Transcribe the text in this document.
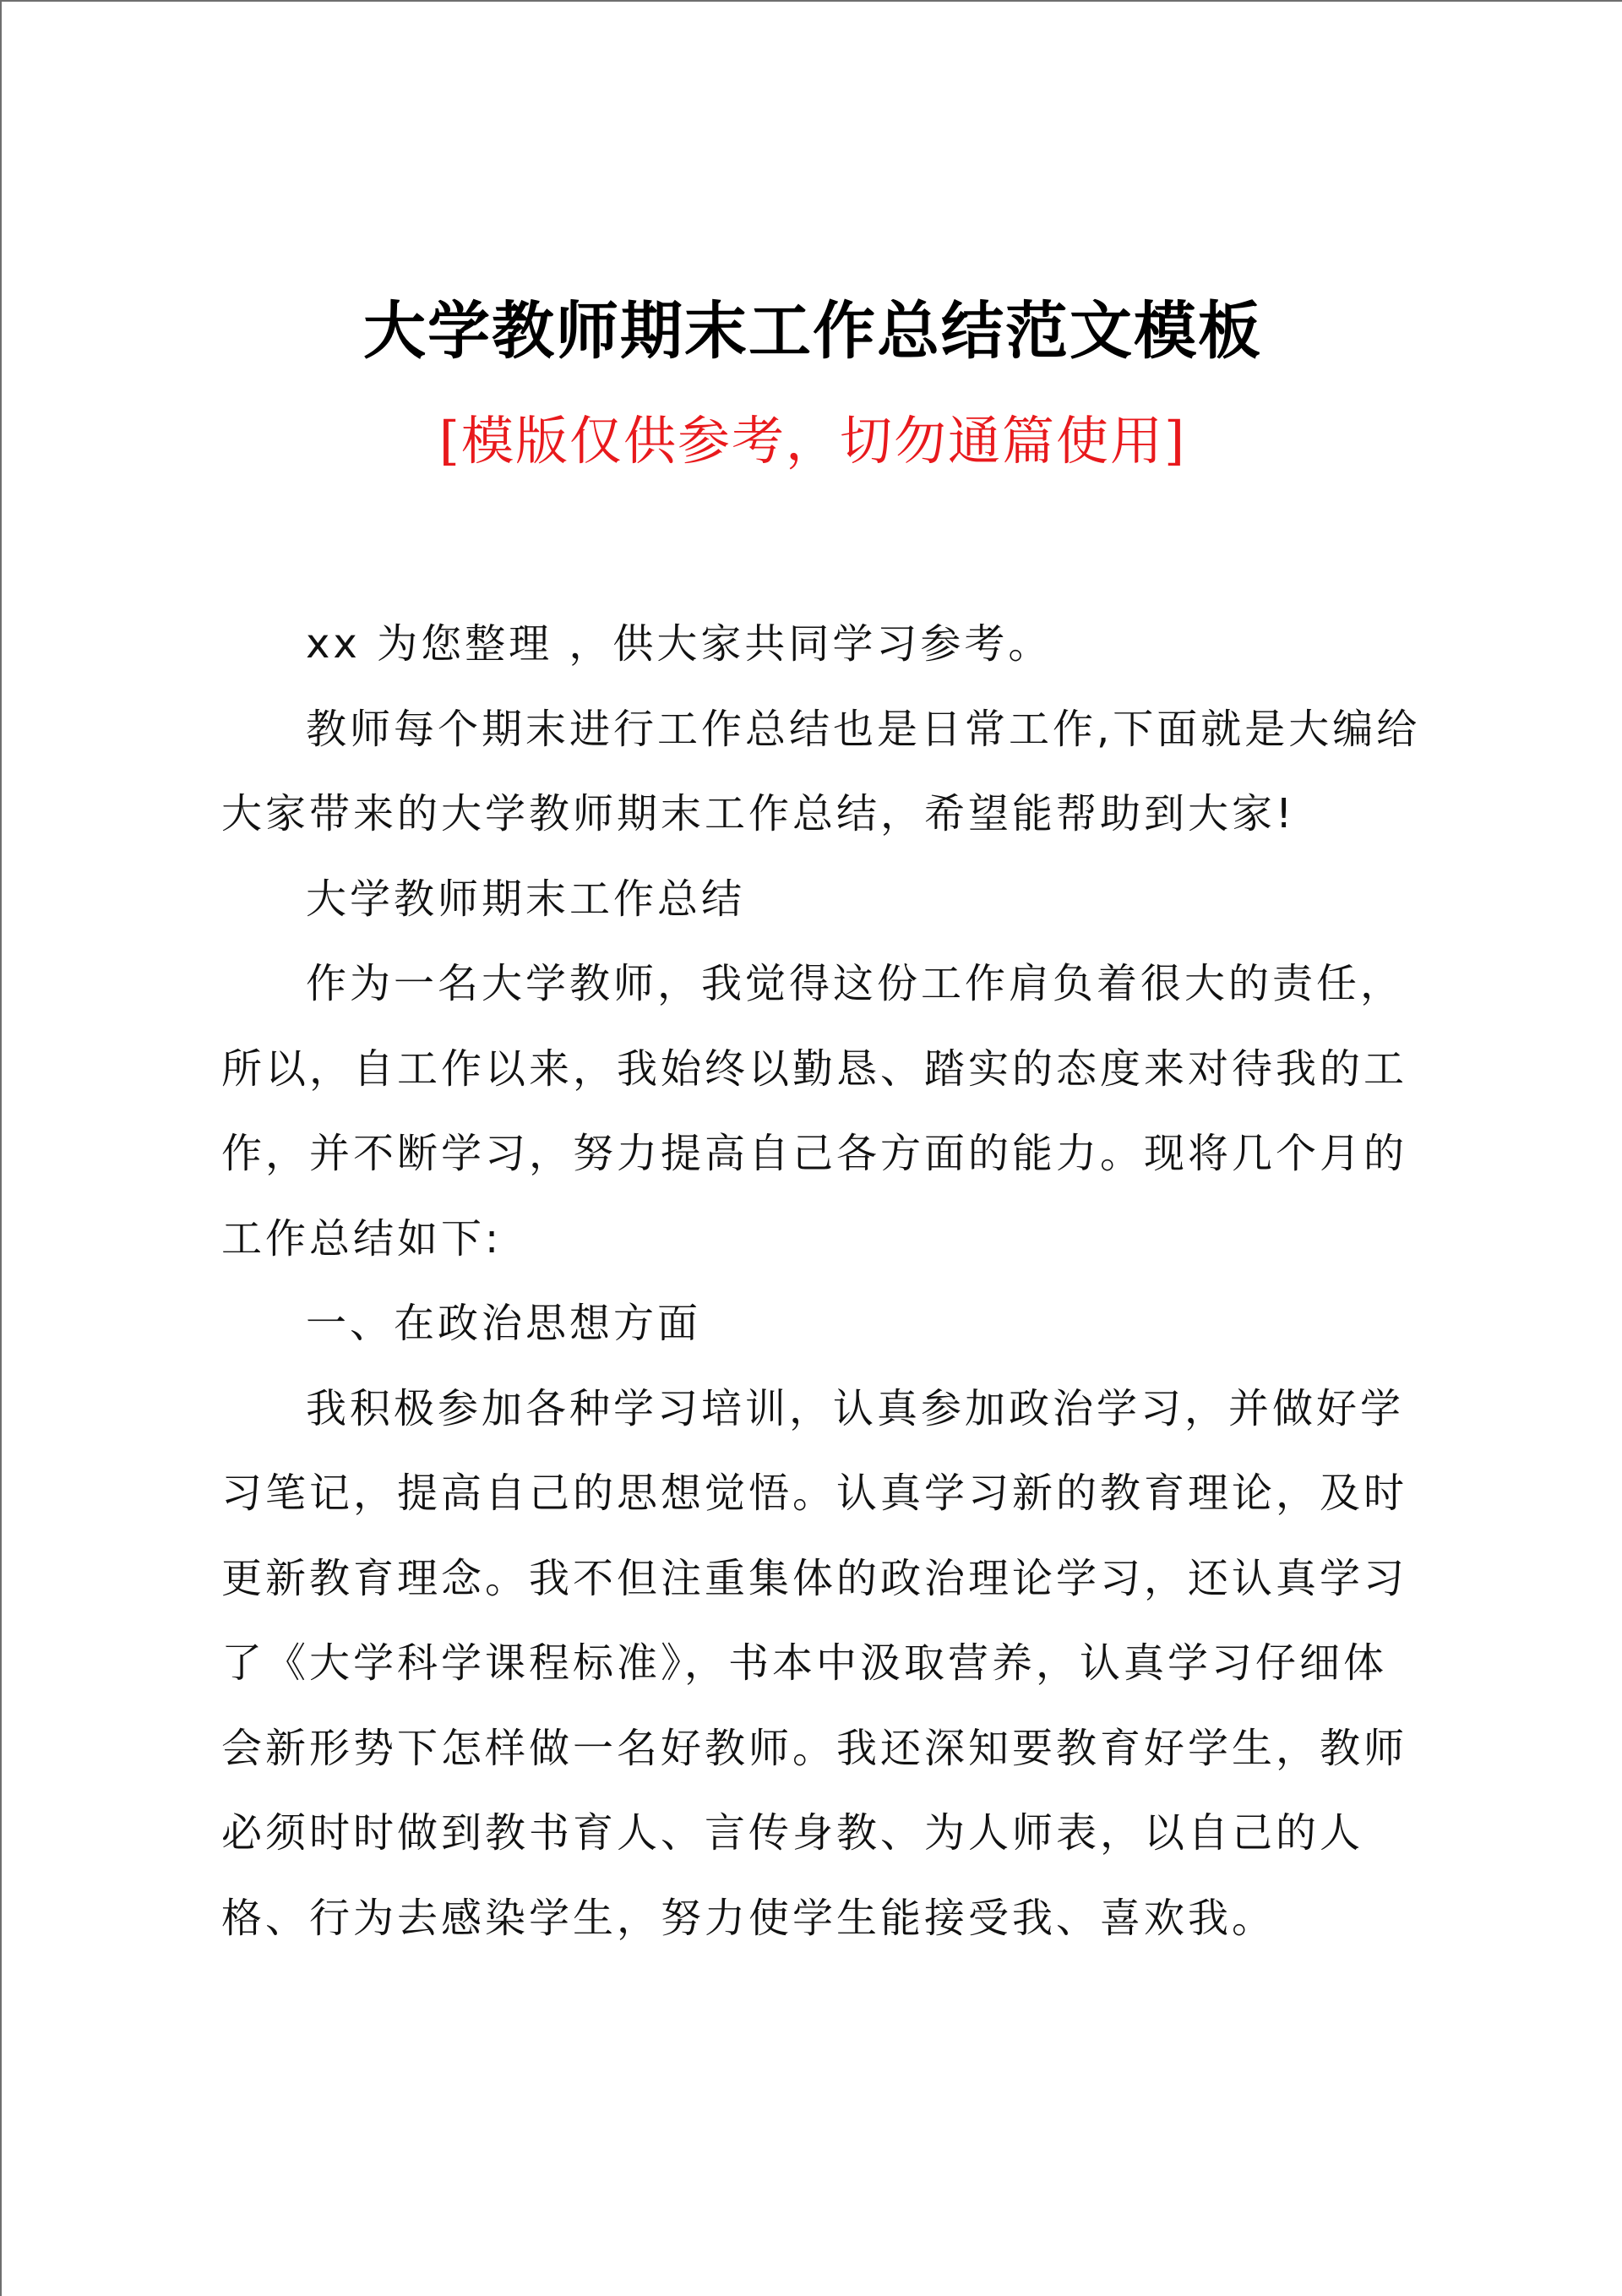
大学教师期末工作总结范文模板
[模版仅供参考，切勿通篇使用]

xx 为您整理 ，供大家共同学习参考。

教师每个期末进行工作总结也是日常工作,下面就是大编给大家带来的大学教师期末工作总结，希望能帮助到大家!

大学教师期末工作总结

作为一名大学教师，我觉得这份工作肩负着很大的责任，所以，自工作以来，我始终以勤恳、踏实的态度来对待我的工作，并不断学习，努力提高自己各方面的能力。现将几个月的工作总结如下:

一、在政治思想方面

我积极参加各种学习培训，认真参加政治学习，并做好学习笔记，提高自己的思想觉悟。认真学习新的教育理论，及时更新教育理念。我不但注重集体的政治理论学习，还认真学习了《大学科学课程标准》，书本中汲取营养，认真学习仔细体会新形势下怎样做一名好教师。我还深知要教育好学生，教师必须时时做到教书育人、言传身教、为人师表，以自己的人格、行为去感染学生，努力使学生能接受我、喜欢我。
